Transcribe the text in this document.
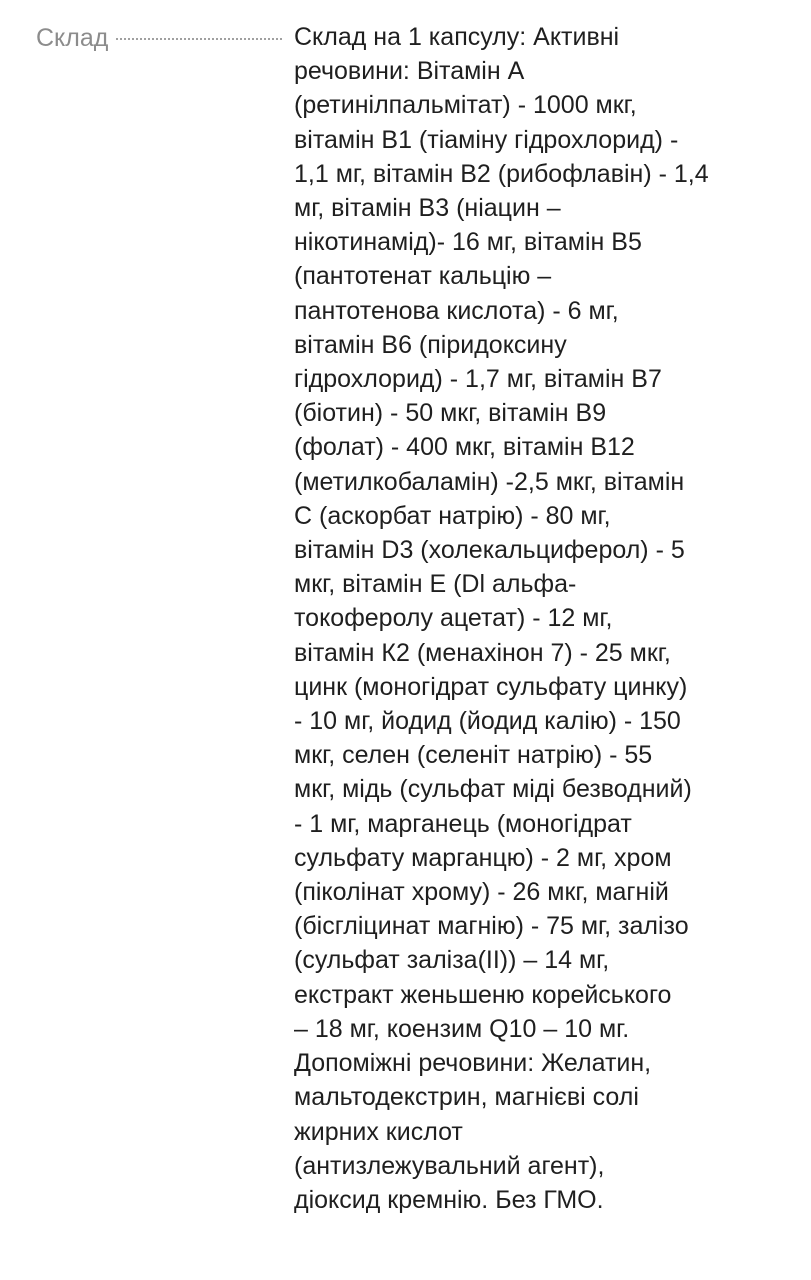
Склад	Склад на 1 капсулу: Активні
речовини: Вітамін А
(ретинілпальмітат) - 1000 мкг,
вітамін В1 (тіаміну гідрохлорид) -
1,1 мг, вітамін В2 (рибофлавін) - 1,4
мг, вітамін В3 (ніацин –
нікотинамід)- 16 мг, вітамін В5
(пантотенат кальцію –
пантотенова кислота) - 6 мг,
вітамін В6 (піридоксину
гідрохлорид) - 1,7 мг, вітамін В7
(біотин) - 50 мкг, вітамін В9
(фолат) - 400 мкг, вітамін В12
(метилкобаламін) -2,5 мкг, вітамін
С (аскорбат натрію) - 80 мг,
вітамін D3 (холекальциферол) - 5
мкг, вітамін Е (Dl альфа-
токоферолу ацетат) - 12 мг,
вітамін К2 (менахінон 7) - 25 мкг,
цинк (моногідрат сульфату цинку)
- 10 мг, йодид (йодид калію) - 150
мкг, селен (селеніт натрію) - 55
мкг, мідь (сульфат міді безводний)
- 1 мг, марганець (моногідрат
сульфату марганцю) - 2 мг, хром
(піколінат хрому) - 26 мкг, магній
(бісгліцинат магнію) - 75 мг, залізо
(сульфат заліза(II)) – 14 мг,
екстракт женьшеню корейського
– 18 мг, коензим Q10 – 10 мг.
Допоміжні речовини: Желатин,
мальтодекстрин, магнієві солі
жирних кислот
(антизлежувальний агент),
діоксид кремнію. Без ГМО.
